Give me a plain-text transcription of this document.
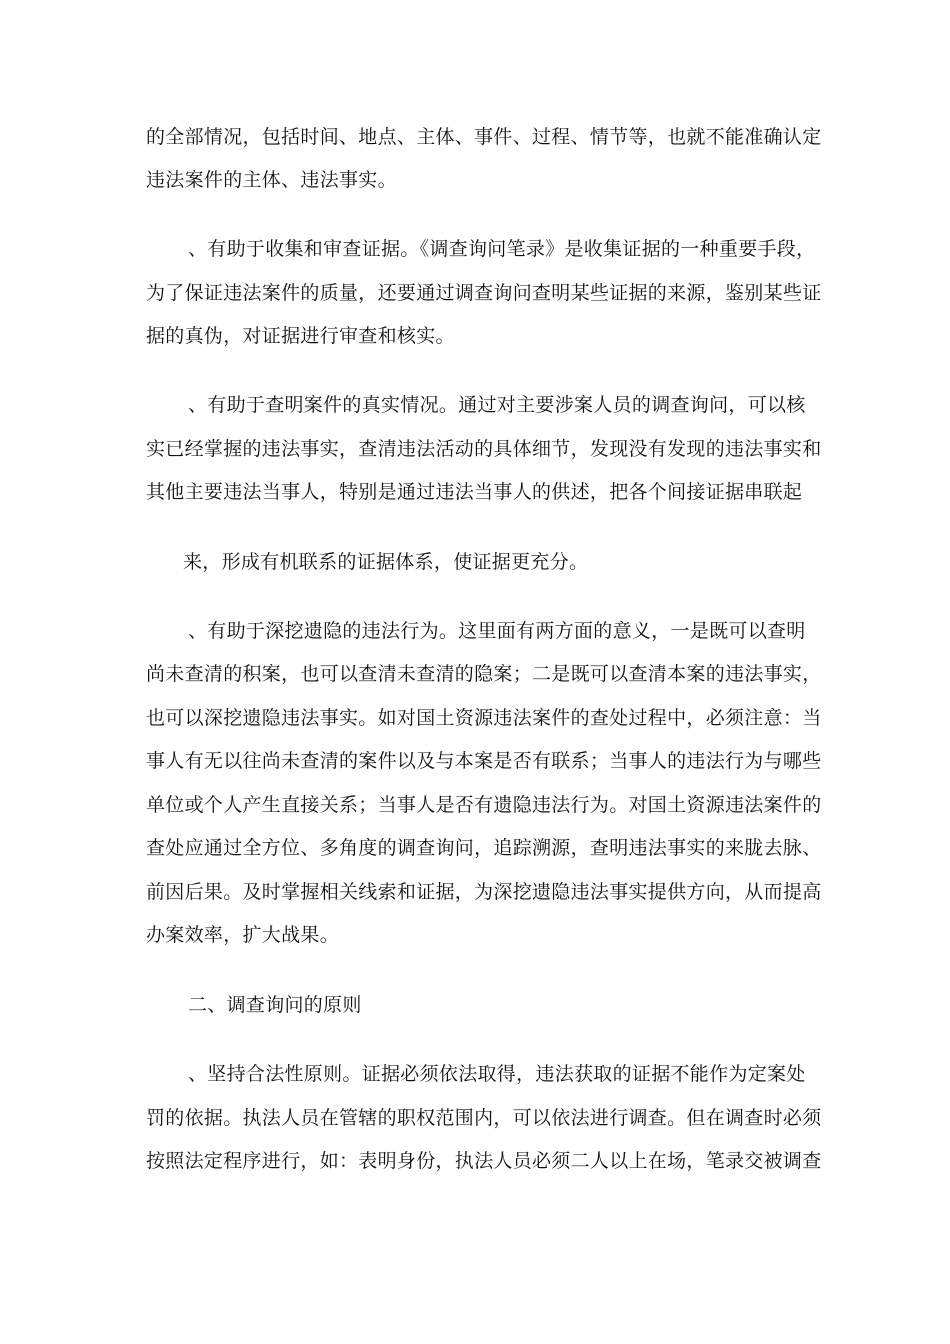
的全部情况，包括时间、地点、主体、事件、过程、情节等，也就不能准确认定
违法案件的主体、违法事实。
、有助于收集和审查证据。《调查询问笔录》是收集证据的一种重要手段，
为了保证违法案件的质量，还要通过调查询问查明某些证据的来源，鉴别某些证
据的真伪，对证据进行审查和核实。
、有助于查明案件的真实情况。通过对主要涉案人员的调查询问，可以核
实已经掌握的违法事实，查清违法活动的具体细节，发现没有发现的违法事实和
其他主要违法当事人，特别是通过违法当事人的供述，把各个间接证据串联起
来，形成有机联系的证据体系，使证据更充分。
、有助于深挖遗隐的违法行为。这里面有两方面的意义，一是既可以查明
尚未查清的积案，也可以查清未查清的隐案；二是既可以查清本案的违法事实，
也可以深挖遗隐违法事实。如对国土资源违法案件的查处过程中，必须注意：当
事人有无以往尚未查清的案件以及与本案是否有联系；当事人的违法行为与哪些
单位或个人产生直接关系；当事人是否有遗隐违法行为。对国土资源违法案件的
查处应通过全方位、多角度的调查询问，追踪溯源，查明违法事实的来胧去脉、
前因后果。及时掌握相关线索和证据，为深挖遗隐违法事实提供方向，从而提高
办案效率，扩大战果。
二、调查询问的原则
、坚持合法性原则。证据必须依法取得，违法获取的证据不能作为定案处
罚的依据。执法人员在管辖的职权范围内，可以依法进行调查。但在调查时必须
按照法定程序进行，如：表明身份，执法人员必须二人以上在场，笔录交被调查
